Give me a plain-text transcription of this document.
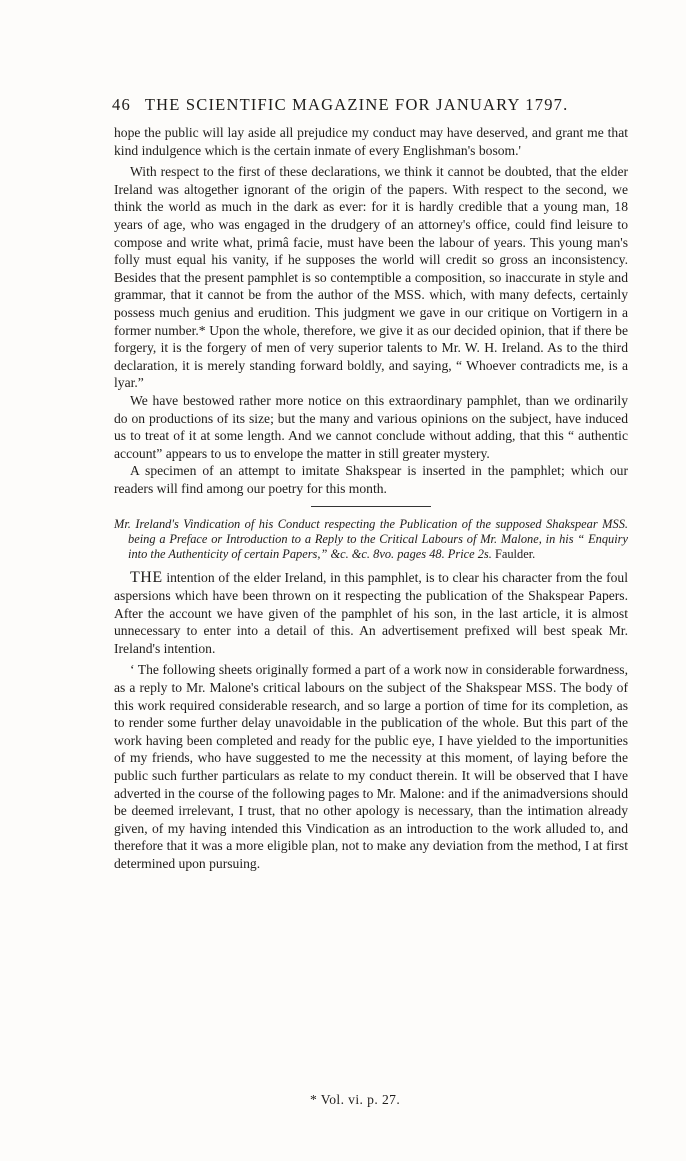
46 THE SCIENTIFIC MAGAZINE FOR JANUARY 1797.

hope the public will lay aside all prejudice my conduct may have deserved, and grant me that kind indulgence which is the certain inmate of every Englishman's bosom.'

With respect to the first of these declarations, we think it cannot be doubted, that the elder Ireland was altogether ignorant of the origin of the papers. With respect to the second, we think the world as much in the dark as ever: for it is hardly credible that a young man, 18 years of age, who was engaged in the drudgery of an attorney's office, could find leisure to compose and write what, primâ facie, must have been the labour of years. This young man's folly must equal his vanity, if he supposes the world will credit so gross an inconsistency. Besides that the present pamphlet is so contemptible a composition, so inaccurate in style and grammar, that it cannot be from the author of the MSS. which, with many defects, certainly possess much genius and erudition. This judgment we gave in our critique on Vortigern in a former number.* Upon the whole, therefore, we give it as our decided opinion, that if there be forgery, it is the forgery of men of very superior talents to Mr. W. H. Ireland. As to the third declaration, it is merely standing forward boldly, and saying, “ Whoever contradicts me, is a lyar.”

We have bestowed rather more notice on this extraordinary pamphlet, than we ordinarily do on productions of its size; but the many and various opinions on the subject, have induced us to treat of it at some length. And we cannot conclude without adding, that this “ authentic account” appears to us to envelope the matter in still greater mystery.

A specimen of an attempt to imitate Shakspear is inserted in the pamphlet; which our readers will find among our poetry for this month.

Mr. Ireland's Vindication of his Conduct respecting the Publication of the supposed Shakspear MSS. being a Preface or Introduction to a Reply to the Critical Labours of Mr. Malone, in his “ Enquiry into the Authenticity of certain Papers,” &c. &c. 8vo. pages 48. Price 2s. Faulder.

THE intention of the elder Ireland, in this pamphlet, is to clear his character from the foul aspersions which have been thrown on it respecting the publication of the Shakspear Papers. After the account we have given of the pamphlet of his son, in the last article, it is almost unnecessary to enter into a detail of this. An advertisement prefixed will best speak Mr. Ireland's intention.

‘ The following sheets originally formed a part of a work now in considerable forwardness, as a reply to Mr. Malone's critical labours on the subject of the Shakspear MSS. The body of this work required considerable research, and so large a portion of time for its completion, as to render some further delay unavoidable in the publication of the whole. But this part of the work having been completed and ready for the public eye, I have yielded to the importunities of my friends, who have suggested to me the necessity at this moment, of laying before the public such further particulars as relate to my conduct therein. It will be observed that I have adverted in the course of the following pages to Mr. Malone: and if the animadversions should be deemed irrelevant, I trust, that no other apology is necessary, than the intimation already given, of my having intended this Vindication as an introduction to the work alluded to, and therefore that it was a more eligible plan, not to make any deviation from the method, I at first determined upon pursuing.

* Vol. vi. p. 27.
